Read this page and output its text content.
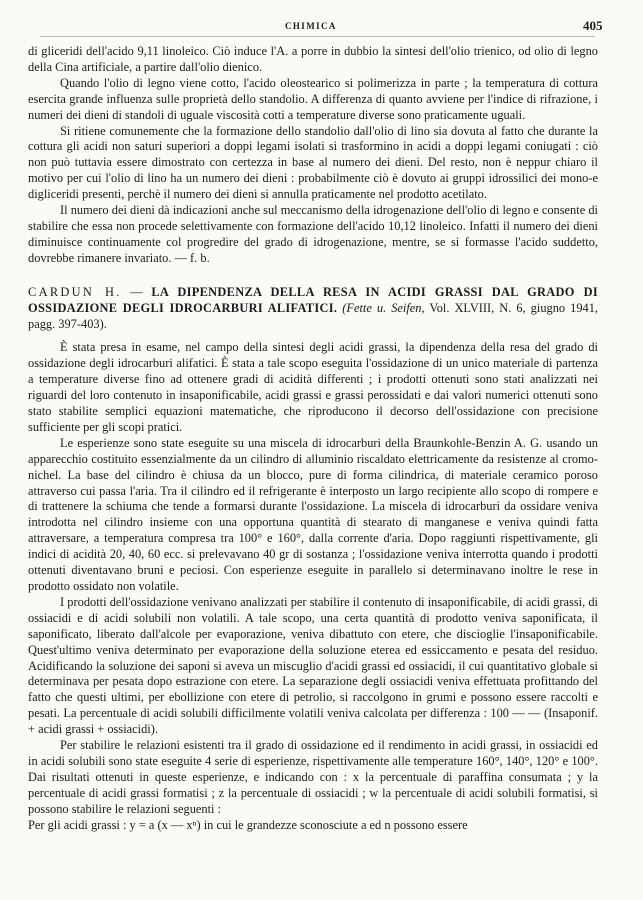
CHIMICA	405

di gliceridi dell'acido 9,11 linoleico. Ciò induce l'A. a porre in dubbio la sintesi dell'olio trienico, od olio di legno della Cina artificiale, a partire dall'olio dienico.

Quando l'olio di legno viene cotto, l'acido oleostearico si polimerizza in parte ; la temperatura di cottura esercita grande influenza sulle proprietà dello standolio. A differenza di quanto avviene per l'indice di rifrazione, i numeri dei dieni di standoli di uguale viscosità cotti a temperature diverse sono praticamente uguali.

Si ritiene comunemente che la formazione dello standolio dall'olio di lino sia dovuta al fatto che durante la cottura gli acidi non saturi superiori a doppi legami isolati si trasformino in acidi a doppi legami coniugati : ciò non può tuttavia essere dimostrato con certezza in base al numero dei dieni. Del resto, non è neppur chiaro il motivo per cui l'olio di lino ha un numero dei dieni : probabilmente ciò è dovuto ai gruppi idrossilici dei mono-e digliceridi presenti, perchè il numero dei dieni si annulla praticamente nel prodotto acetilato.

Il numero dei dieni dà indicazioni anche sul meccanismo della idrogenazione dell'olio di legno e consente di stabilire che essa non procede selettivamente con formazione dell'acido 10,12 linoleico. Infatti il numero dei dieni diminuisce continuamente col progredire del grado di idrogenazione, mentre, se si formasse l'acido suddetto, dovrebbe rimanere invariato. — f. b.

CARDUN H. — LA DIPENDENZA DELLA RESA IN ACIDI GRASSI DAL GRADO DI OSSIDAZIONE DEGLI IDROCARBURI ALIFATICI. (Fette u. Seifen, Vol. XLVIII, N. 6, giugno 1941, pagg. 397-403).

È stata presa in esame, nel campo della sintesi degli acidi grassi, la dipendenza della resa del grado di ossidazione degli idrocarburi alifatici. È stata a tale scopo eseguita l'ossidazione di un unico materiale di partenza a temperature diverse fino ad ottenere gradi di acidità differenti ; i prodotti ottenuti sono stati analizzati nei riguardi del loro contenuto in insaponificabile, acidi grassi e grassi perossidati e dai valori numerici ottenuti sono stato stabilite semplici equazioni matematiche, che riproducono il decorso dell'ossidazione con precisione sufficiente per gli scopi pratici.

Le esperienze sono state eseguite su una miscela di idrocarburi della Braunkohle-Benzin A. G. usando un apparecchio costituito essenzialmente da un cilindro di alluminio riscaldato elettricamente da resistenze al cromo-nichel. La base del cilindro è chiusa da un blocco, pure di forma cilindrica, di materiale ceramico poroso attraverso cui passa l'aria. Tra il cilindro ed il refrigerante è interposto un largo recipiente allo scopo di rompere e di trattenere la schiuma che tende a formarsi durante l'ossidazione. La miscela di idrocarburi da ossidare veniva introdotta nel cilindro insieme con una opportuna quantità di stearato di manganese e veniva quindi fatta attraversare, a temperatura compresa tra 100° e 160°, dalla corrente d'aria. Dopo raggiunti rispettivamente, gli indici di acidità 20, 40, 60 ecc. si prelevavano 40 gr di sostanza ; l'ossidazione veniva interrotta quando i prodotti ottenuti diventavano bruni e peciosi. Con esperienze eseguite in parallelo si determinavano inoltre le rese in prodotto ossidato non volatile.

I prodotti dell'ossidazione venivano analizzati per stabilire il contenuto di insaponificabile, di acidi grassi, di ossiacidi e di acidi solubili non volatili. A tale scopo, una certa quantità di prodotto veniva saponificata, il saponificato, liberato dall'alcole per evaporazione, veniva dibattuto con etere, che discioglie l'insaponificabile. Quest'ultimo veniva determinato per evaporazione della soluzione eterea ed essiccamento e pesata del residuo. Acidificando la soluzione dei saponi si aveva un miscuglio d'acidi grassi ed ossiacidi, il cui quantitativo globale si determinava per pesata dopo estrazione con etere. La separazione degli ossiacidi veniva effettuata profittando del fatto che questi ultimi, per ebollizione con etere di petrolio, si raccolgono in grumi e possono essere raccolti e pesati. La percentuale di acidi solubili difficilmente volatili veniva calcolata per differenza : 100 — — (Insaponif. + acidi grassi + ossiacidi).

Per stabilire le relazioni esistenti tra il grado di ossidazione ed il rendimento in acidi grassi, in ossiacidi ed in acidi solubili sono state eseguite 4 serie di esperienze, rispettivamente alle temperature 160°, 140°, 120° e 100°. Dai risultati ottenuti in queste esperienze, e indicando con : x la percentuale di paraffina consumata ; y la percentuale di acidi grassi formatisi ; z la percentuale di ossiacidi ; w la percentuale di acidi solubili formatisi, si possono stabilire le relazioni seguenti :

Per gli acidi grassi : y = a (x — xⁿ) in cui le grandezze sconosciute a ed n possono essere
